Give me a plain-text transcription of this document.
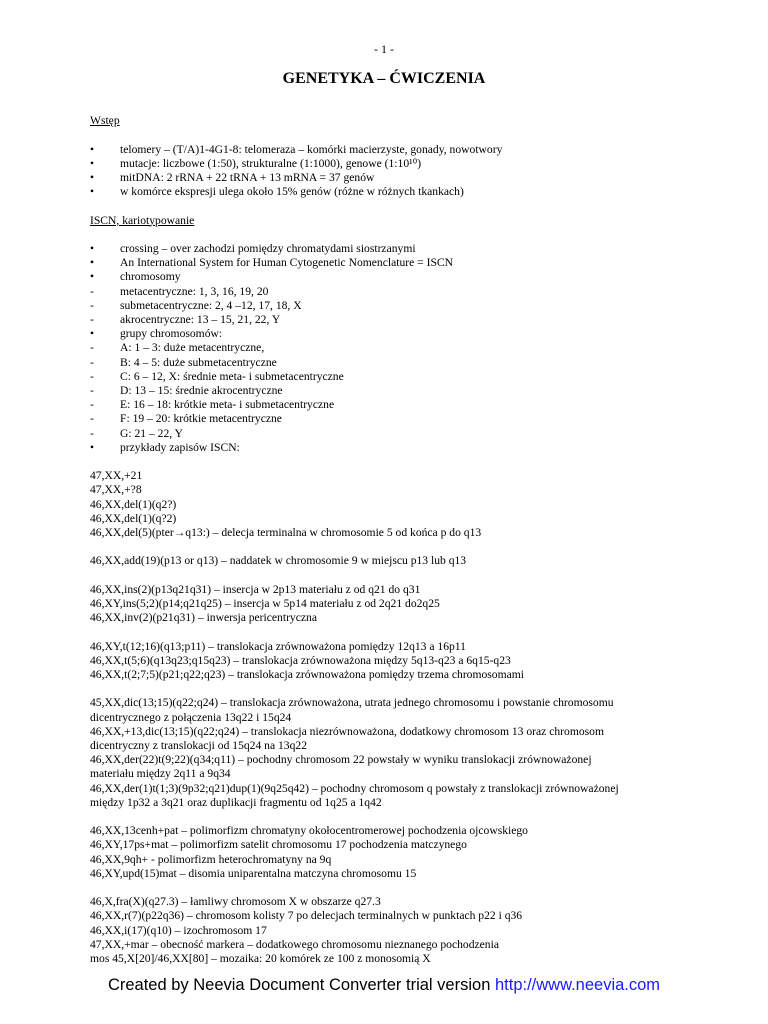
- 1 -
GENETYKA – ĆWICZENIA
Wstęp
•	telomery – (T/A)1-4G1-8: telomeraza – komórki macierzyste, gonady, nowotwory
•	mutacje: liczbowe (1:50), strukturalne (1:1000), genowe (1:10¹⁰)
•	mitDNA: 2 rRNA + 22 tRNA + 13 mRNA = 37 genów
•	w komórce ekspresji ulega około 15% genów (różne w różnych tkankach)
ISCN, kariotypowanie
•	crossing – over zachodzi pomiędzy chromatydami siostrzanymi
•	An International System for Human Cytogenetic Nomenclature = ISCN
•	chromosomy
-	metacentryczne: 1, 3, 16, 19, 20
-	submetacentryczne: 2, 4 –12, 17, 18, X
-	akrocentryczne: 13 – 15, 21, 22, Y
•	grupy chromosomów:
-	A: 1 – 3: duże metacentryczne,
-	B: 4 – 5: duże submetacentryczne
-	C: 6 – 12, X: średnie meta- i submetacentryczne
-	D: 13 – 15: średnie akrocentryczne
-	E: 16 – 18: krótkie meta- i submetacentryczne
-	F: 19 – 20: krótkie metacentryczne
-	G: 21 – 22, Y
•	przykłady zapisów ISCN:
47,XX,+21
47,XX,+?8
46,XX,del(1)(q2?)
46,XX,del(1)(q?2)
46,XX,del(5)(pter→q13:) – delecja terminalna w chromosomie 5 od końca p do q13
46,XX,add(19)(p13 or q13) – naddatek w chromosomie 9 w miejscu p13 lub q13
46,XX,ins(2)(p13q21q31) – insercja w 2p13 materiału z od q21 do q31
46,XY,ins(5;2)(p14;q21q25) – insercja w 5p14 materiału z od 2q21 do2q25
46,XX,inv(2)(p21q31) – inwersja pericentryczna
46,XY,t(12;16)(q13;p11) – translokacja zrównoważona pomiędzy 12q13 a 16p11
46,XX,t(5;6)(q13q23;q15q23) – translokacja zrównoważona między 5q13-q23 a 6q15-q23
46,XX,t(2;7;5)(p21;q22;q23) – translokacja zrównoważona pomiędzy trzema chromosomami
45,XX,dic(13;15)(q22;q24) – translokacja zrównoważona, utrata jednego chromosomu i powstanie chromosomu
dicentrycznego z połączenia 13q22 i 15q24
46,XX,+13,dic(13;15)(q22;q24) – translokacja niezrównoważona, dodatkowy chromosom 13 oraz chromosom
dicentryczny z translokacji od 15q24 na 13q22
46,XX,der(22)t(9;22)(q34;q11) – pochodny chromosom 22 powstały w wyniku translokacji zrównoważonej
materiału między 2q11 a 9q34
46,XX,der(1)t(1;3)(9p32;q21)dup(1)(9q25q42) – pochodny chromosom q powstały z translokacji zrównoważonej
między 1p32 a 3q21 oraz duplikacji fragmentu od 1q25 a 1q42
46,XX,13cenh+pat – polimorfizm chromatyny okołocentromerowej pochodzenia ojcowskiego
46,XY,17ps+mat – polimorfizm satelit chromosomu 17 pochodzenia matczynego
46,XX,9qh+ - polimorfizm heterochromatyny na 9q
46,XY,upd(15)mat – disomia uniparentalna matczyna chromosomu 15
46,X,fra(X)(q27.3) – łamliwy chromosom X w obszarze q27.3
46,XX,r(7)(p22q36) – chromosom kolisty 7 po delecjach terminalnych w punktach p22 i q36
46,XX,i(17)(q10) – izochromosom 17
47,XX,+mar – obecność markera – dodatkowego chromosomu nieznanego pochodzenia
mos 45,X[20]/46,XX[80] – mozaika: 20 komórek ze 100 z monosomią X
Created by Neevia Document Converter trial version http://www.neevia.com
